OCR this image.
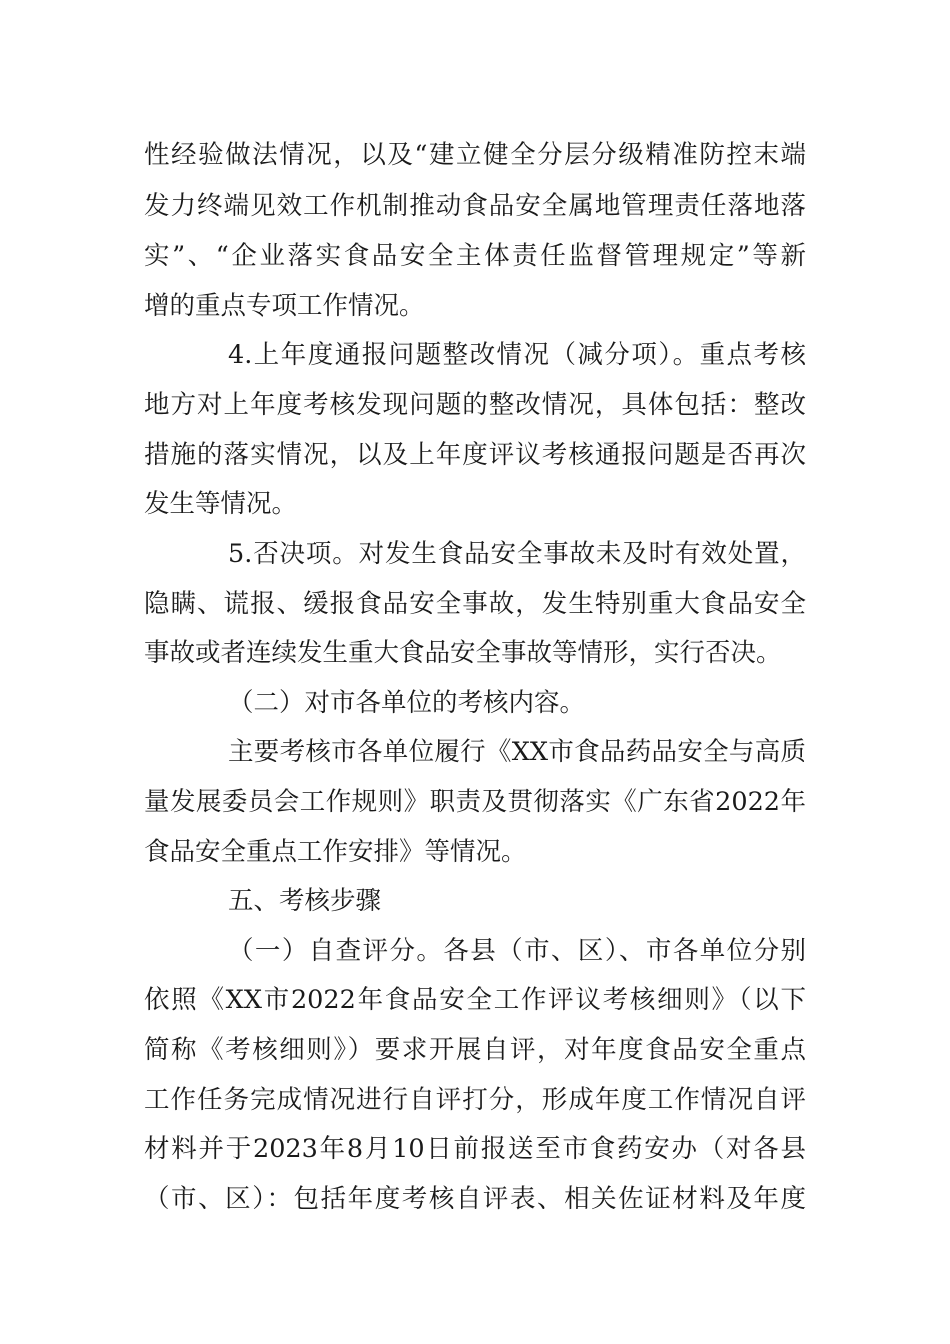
性经验做法情况，以及“建立健全分层分级精准防控末端
发力终端见效工作机制推动食品安全属地管理责任落地落
实”、“企业落实食品安全主体责任监督管理规定”等新
增的重点专项工作情况。
4.上年度通报问题整改情况（减分项）。重点考核
地方对上年度考核发现问题的整改情况，具体包括：整改
措施的落实情况，以及上年度评议考核通报问题是否再次
发生等情况。
5.否决项。对发生食品安全事故未及时有效处置，
隐瞒、谎报、缓报食品安全事故，发生特别重大食品安全
事故或者连续发生重大食品安全事故等情形，实行否决。
（二）对市各单位的考核内容。
主要考核市各单位履行《XX市食品药品安全与高质
量发展委员会工作规则》职责及贯彻落实《广东省2022年
食品安全重点工作安排》等情况。
五、考核步骤
（一）自查评分。各县（市、区）、市各单位分别
依照《XX市2022年食品安全工作评议考核细则》（以下
简称《考核细则》）要求开展自评，对年度食品安全重点
工作任务完成情况进行自评打分，形成年度工作情况自评
材料并于2023年8月10日前报送至市食药安办（对各县
（市、区）：包括年度考核自评表、相关佐证材料及年度
